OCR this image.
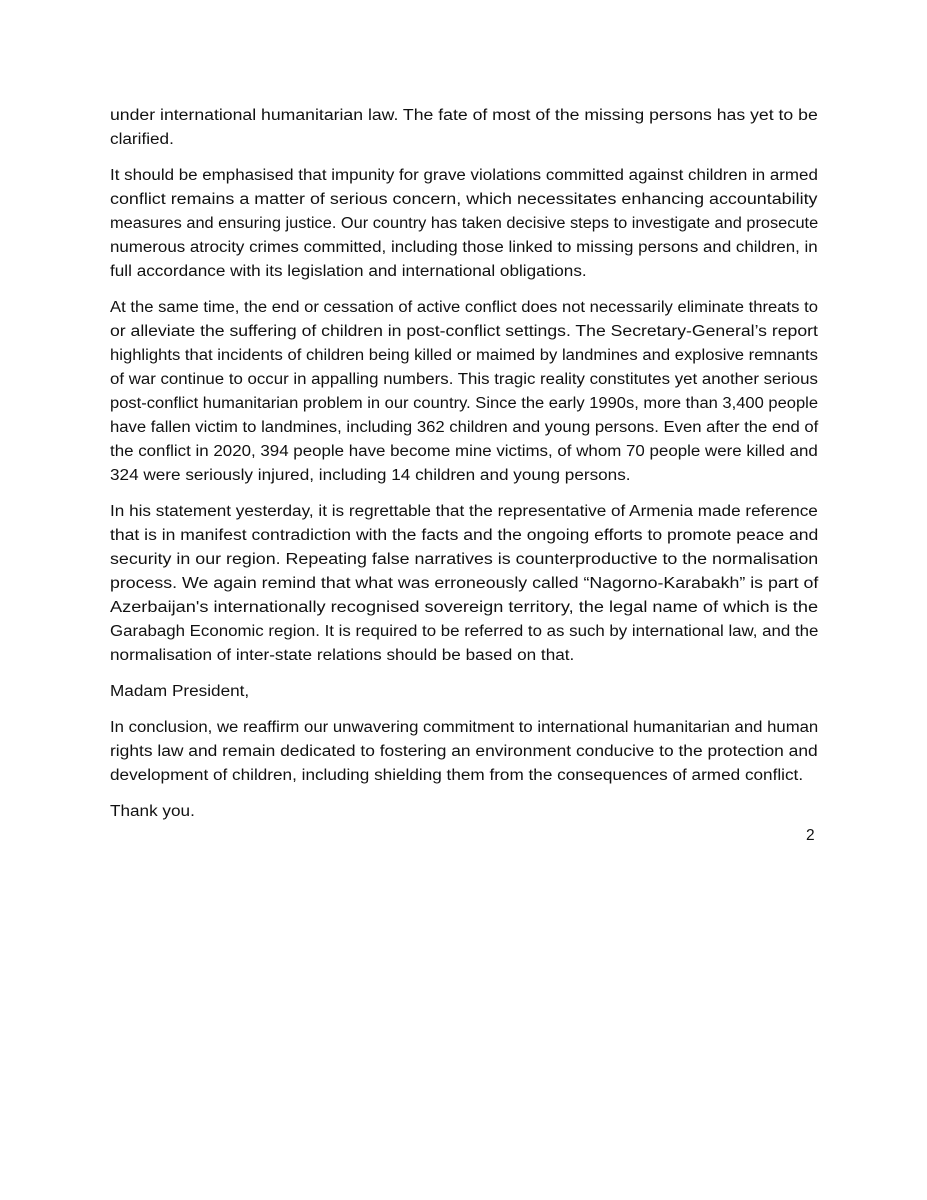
under international humanitarian law. The fate of most of the missing persons has yet to be
clarified.
It should be emphasised that impunity for grave violations committed against children in armed
conflict remains a matter of serious concern, which necessitates enhancing accountability
measures and ensuring justice. Our country has taken decisive steps to investigate and prosecute
numerous atrocity crimes committed, including those linked to missing persons and children, in
full accordance with its legislation and international obligations.
At the same time, the end or cessation of active conflict does not necessarily eliminate threats to
or alleviate the suffering of children in post-conflict settings. The Secretary-General’s report
highlights that incidents of children being killed or maimed by landmines and explosive remnants
of war continue to occur in appalling numbers. This tragic reality constitutes yet another serious
post-conflict humanitarian problem in our country. Since the early 1990s, more than 3,400 people
have fallen victim to landmines, including 362 children and young persons. Even after the end of
the conflict in 2020, 394 people have become mine victims, of whom 70 people were killed and
324 were seriously injured, including 14 children and young persons.
In his statement yesterday, it is regrettable that the representative of Armenia made reference
that is in manifest contradiction with the facts and the ongoing efforts to promote peace and
security in our region. Repeating false narratives is counterproductive to the normalisation
process. We again remind that what was erroneously called “Nagorno-Karabakh” is part of
Azerbaijan's internationally recognised sovereign territory, the legal name of which is the
Garabagh Economic region. It is required to be referred to as such by international law, and the
normalisation of inter-state relations should be based on that.
Madam President,
In conclusion, we reaffirm our unwavering commitment to international humanitarian and human
rights law and remain dedicated to fostering an environment conducive to the protection and
development of children, including shielding them from the consequences of armed conflict.
Thank you.
2
